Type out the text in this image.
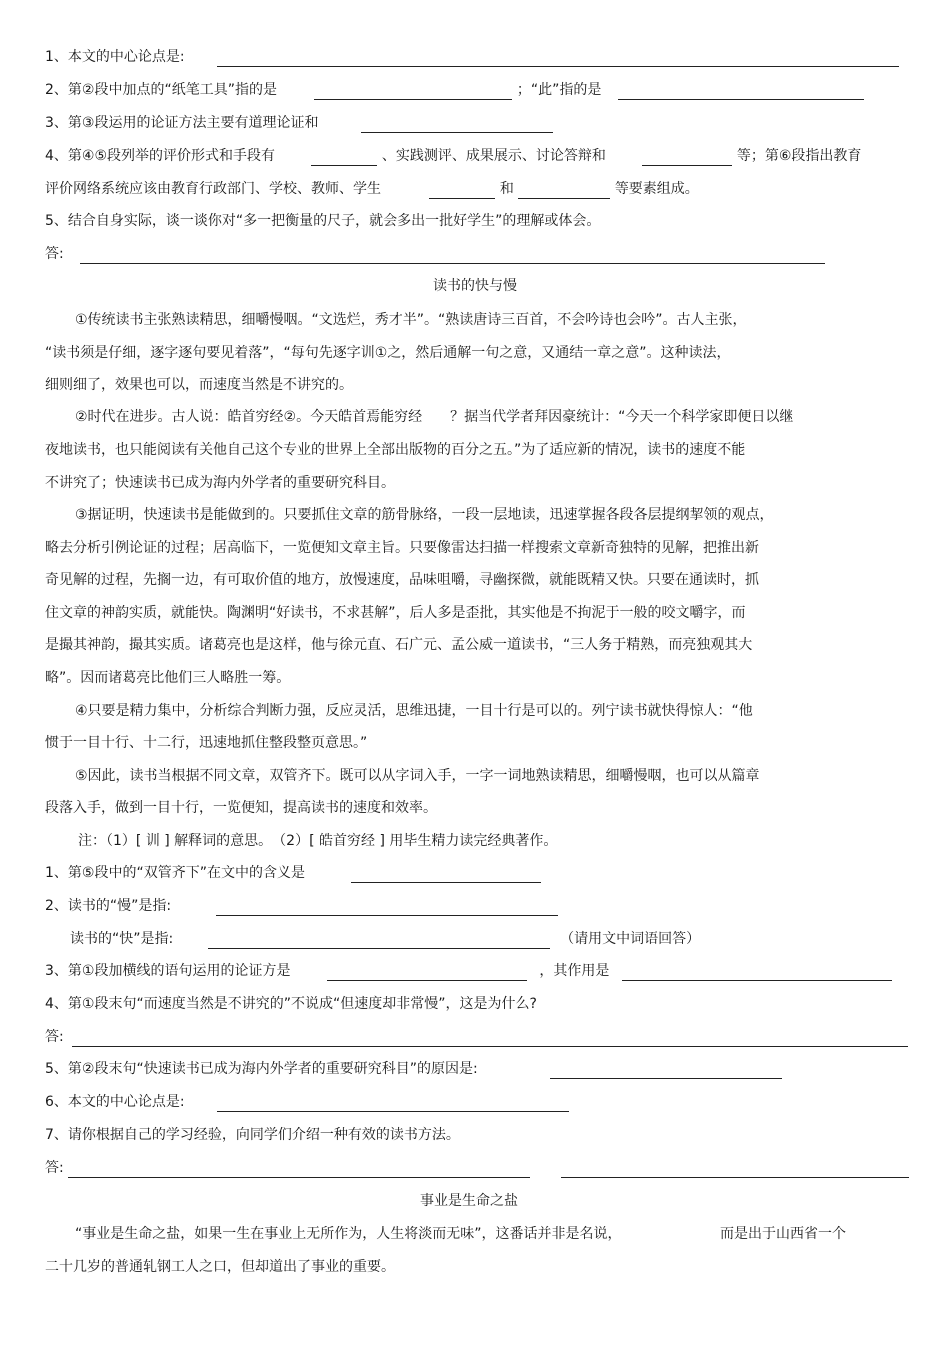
1、本文的中心论点是:
2、第②段中加点的“纸笔工具”指的是	；“此”指的是
3、第③段运用的论证方法主要有道理论证和
4、第④⑤段列举的评价形式和手段有	、实践测评、成果展示、讨论答辩和	等；第⑥段指出教育
评价网络系统应该由教育行政部门、学校、教师、学生	和	等要素组成。
5、结合自身实际，谈一谈你对“多一把衡量的尺子，就会多出一批好学生”的理解或体会。
答:
读书的快与慢
①传统读书主张熟读精思，细嚼慢咽。“文选烂，秀才半”。“熟读唐诗三百首，不会吟诗也会吟”。古人主张，
“读书须是仔细，逐字逐句要见着落”，“每句先逐字训①之，然后通解一句之意，又通结一章之意”。这种读法，
细则细了，效果也可以，而速度当然是不讲究的。
②时代在进步。古人说：皓首穷经②。今天皓首焉能穷经　　？据当代学者拜因豪统计：“今天一个科学家即便日以继
夜地读书，也只能阅读有关他自己这个专业的世界上全部出版物的百分之五。”为了适应新的情况，读书的速度不能
不讲究了；快速读书已成为海内外学者的重要研究科目。
③据证明，快速读书是能做到的。只要抓住文章的筋骨脉络，一段一层地读，迅速掌握各段各层提纲挈领的观点，
略去分析引例论证的过程；居高临下，一览便知文章主旨。只要像雷达扫描一样搜索文章新奇独特的见解，把推出新
奇见解的过程，先搁一边，有可取价值的地方，放慢速度，品味咀嚼，寻幽探微，就能既精又快。只要在通读时，抓
住文章的神韵实质，就能快。陶渊明“好读书，不求甚解”，后人多是歪批，其实他是不拘泥于一般的咬文嚼字，而
是撮其神韵，撮其实质。诸葛亮也是这样，他与徐元直、石广元、孟公威一道读书，“三人务于精熟，而亮独观其大
略”。因而诸葛亮比他们三人略胜一筹。
④只要是精力集中，分析综合判断力强，反应灵活，思维迅捷，一目十行是可以的。列宁读书就快得惊人：“他
惯于一目十行、十二行，迅速地抓住整段整页意思。”
⑤因此，读书当根据不同文章，双管齐下。既可以从字词入手，一字一词地熟读精思，细嚼慢咽，也可以从篇章
段落入手，做到一目十行，一览便知，提高读书的速度和效率。
注：（1）[ 训 ] 解释词的意思。　（2）[ 皓首穷经 ] 用毕生精力读完经典著作。
1、第⑤段中的“双管齐下”在文中的含义是
2、读书的“慢”是指:
读书的“快”是指:	（请用文中词语回答）
3、第①段加横线的语句运用的论证方是	，其作用是
4、第①段末句“而速度当然是不讲究的”不说成“但速度却非常慢”，这是为什么?
答:
5、第②段末句“快速读书已成为海内外学者的重要研究科目”的原因是:
6、本文的中心论点是:
7、请你根据自己的学习经验，向同学们介绍一种有效的读书方法。
答:
事业是生命之盐
“事业是生命之盐，如果一生在事业上无所作为，人生将淡而无味”，这番话并非是名说，	而是出于山西省一个
二十几岁的普通轧钢工人之口，但却道出了事业的重要。
